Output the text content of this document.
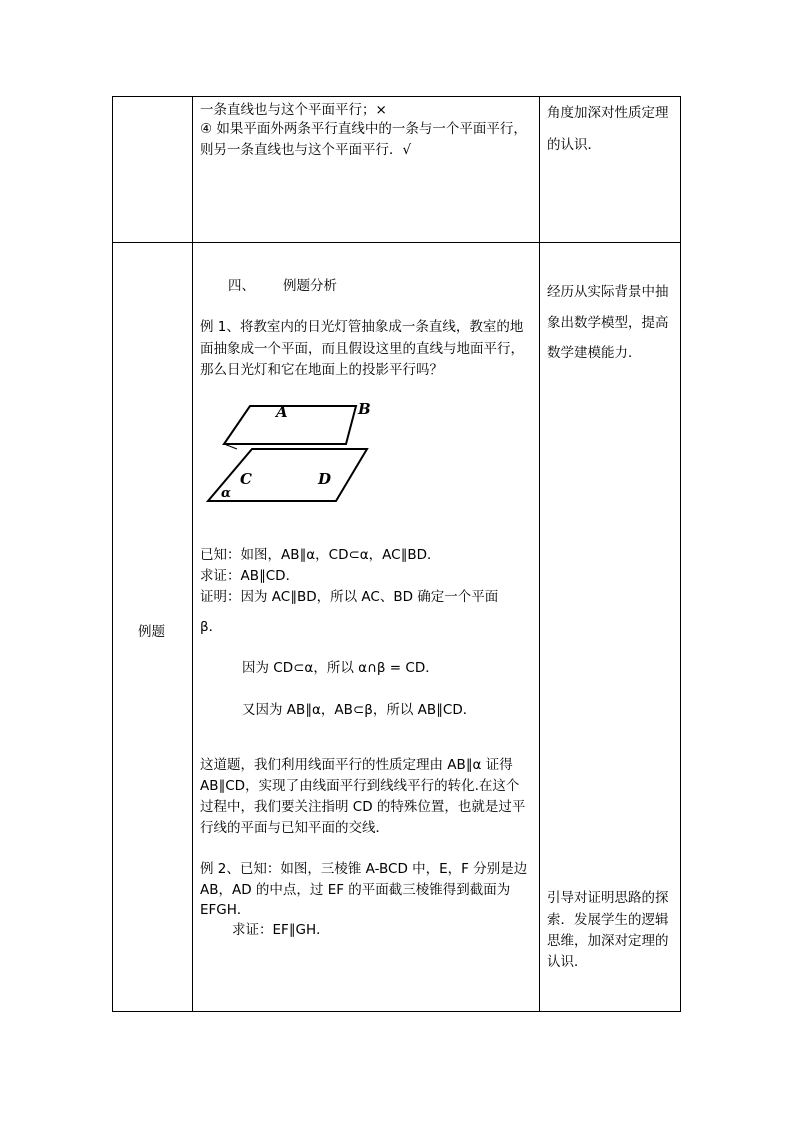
一条直线也与这个平面平行；×
④ 如果平面外两条平行直线中的一条与一个平面平行，
则另一条直线也与这个平面平行．√
角度加深对性质定理
的认识．
例题
四、 例题分析
例 1、将教室内的日光灯管抽象成一条直线，教室的地
面抽象成一个平面，而且假设这里的直线与地面平行，
那么日光灯和它在地面上的投影平行吗？
A	B
C	D
α
已知：如图，AB∥α，CD⊂α，AC∥BD．
求证：AB∥CD．
证明：因为 AC∥BD，所以 AC、BD 确定一个平面
β．
因为 CD⊂α，所以 α∩β = CD．
又因为 AB∥α，AB⊂β，所以 AB∥CD．
这道题，我们利用线面平行的性质定理由 AB∥α 证得
AB∥CD，实现了由线面平行到线线平行的转化.在这个
过程中，我们要关注指明 CD 的特殊位置，也就是过平
行线的平面与已知平面的交线．
例 2、已知：如图，三棱锥 A-BCD 中，E，F 分别是边
AB，AD 的中点，过 EF 的平面截三棱锥得到截面为
EFGH．
求证：EF∥GH．
经历从实际背景中抽
象出数学模型，提高
数学建模能力．
引导对证明思路的探
索．发展学生的逻辑
思维，加深对定理的
认识．
